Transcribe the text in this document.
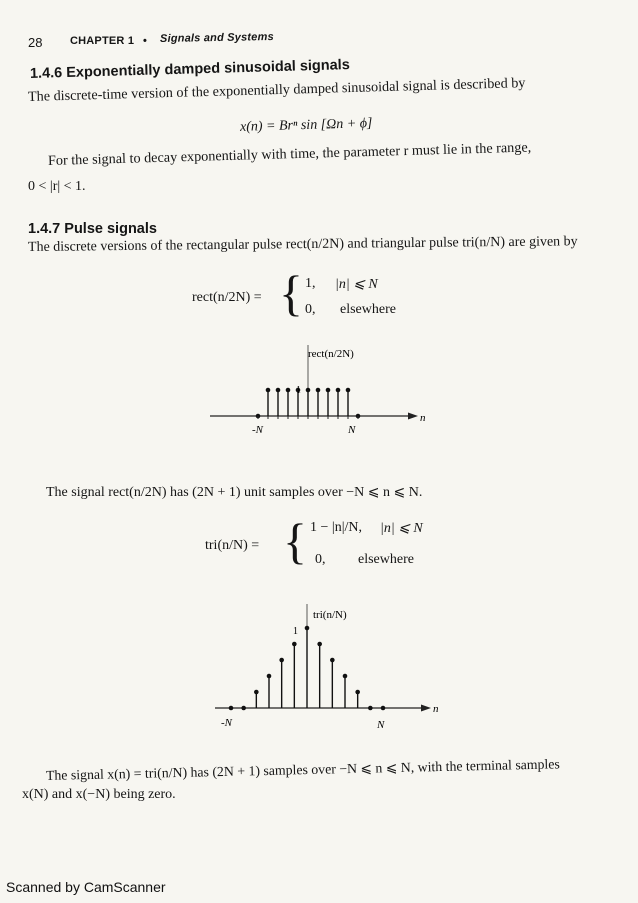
28	CHAPTER 1 • Signals and Systems
1.4.6 Exponentially damped sinusoidal signals
The discrete-time version of the exponentially damped sinusoidal signal is described by
x(n) = Brⁿ sin [Ωn + ϕ]
For the signal to decay exponentially with time, the parameter r must lie in the range,
0 < |r| < 1.
1.4.7 Pulse signals
The discrete versions of the rectangular pulse rect(n/2N) and triangular pulse tri(n/N) are given by
rect(n/2N) = { 1, |n| ⩽ N
0, elsewhere
rect(n/2N)
1
n
-N	N
The signal rect(n/2N) has (2N + 1) unit samples over −N ⩽ n ⩽ N.
tri(n/N) = { 1 − |n|/N, |n| ⩽ N
0, elsewhere
tri(n/N)
1
n
-N	N
The signal x(n) = tri(n/N) has (2N + 1) samples over −N ⩽ n ⩽ N, with the terminal samples
x(N) and x(−N) being zero.
Scanned by CamScanner
